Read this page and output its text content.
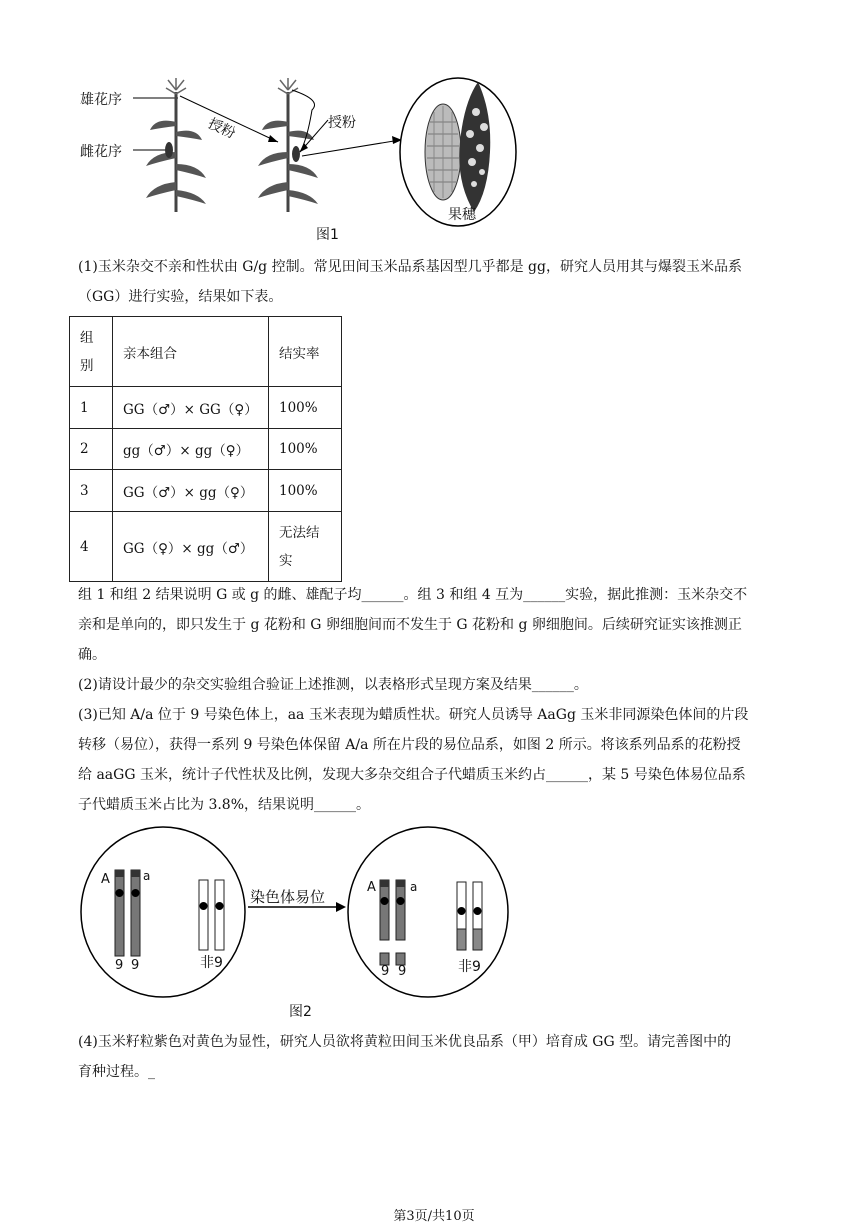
雄花序
雌花序
授粉	授粉
果穗
图1
(1)玉米杂交不亲和性状由 G/g 控制。常见田间玉米品系基因型几乎都是 gg，研究人员用其与爆裂玉米品系
（GG）进行实验，结果如下表。
组
别	亲本组合	结实率
1	GG（♂）× GG（♀）	100%
2	gg（♂）× gg（♀）	100%
3	GG（♂）× gg（♀）	100%
4	GG（♀）× gg（♂）	无法结
实
组 1 和组 2 结果说明 G 或 g 的雌、雄配子均______。组 3 和组 4 互为______实验，据此推测：玉米杂交不
亲和是单向的，即只发生于 g 花粉和 G 卵细胞间而不发生于 G 花粉和 g 卵细胞间。后续研究证实该推测正
确。
(2)请设计最少的杂交实验组合验证上述推测，以表格形式呈现方案及结果______。
(3)已知 A/a 位于 9 号染色体上，aa 玉米表现为蜡质性状。研究人员诱导 AaGg 玉米非同源染色体间的片段
转移（易位），获得一系列 9 号染色体保留 A/a 所在片段的易位品系，如图 2 所示。将该系列品系的花粉授
给 aaGG 玉米，统计子代性状及比例，发现大多杂交组合子代蜡质玉米约占______，某 5 号染色体易位品系
子代蜡质玉米占比为 3.8%，结果说明______。
A	a
9 9	非9
染色体易位
A	a
9 9	非9
图2
(4)玉米籽粒紫色对黄色为显性，研究人员欲将黄粒田间玉米优良品系（甲）培育成 GG 型。请完善图中的
育种过程。_
第3页/共10页
